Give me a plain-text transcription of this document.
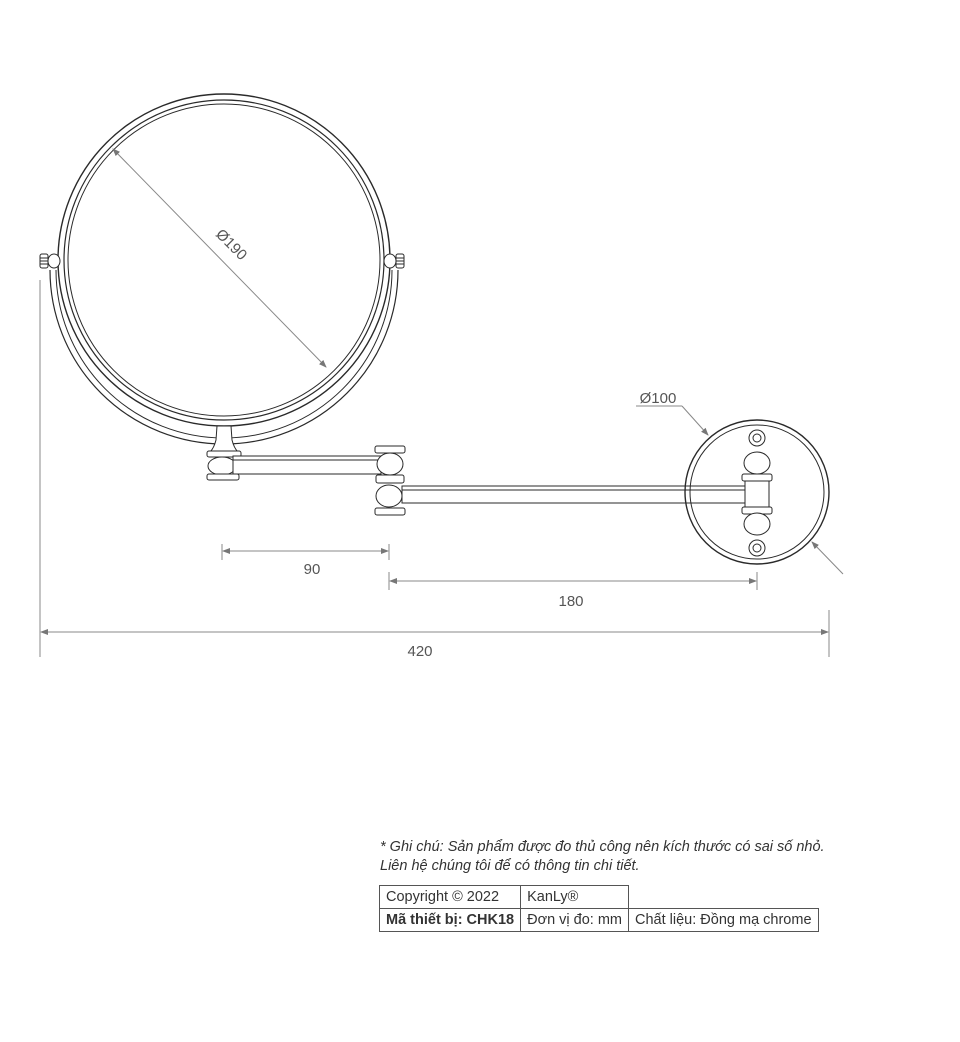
Ø190
Ø100
90
180
420
* Ghi chú: Sản phẩm được đo thủ công nên kích thước có sai số nhỏ.
Liên hệ chúng tôi để có thông tin chi tiết.
Copyright © 2022	KanLy®	
Mã thiết bị: CHK18	Đơn vị đo: mm	Chất liệu: Đồng mạ chrome
